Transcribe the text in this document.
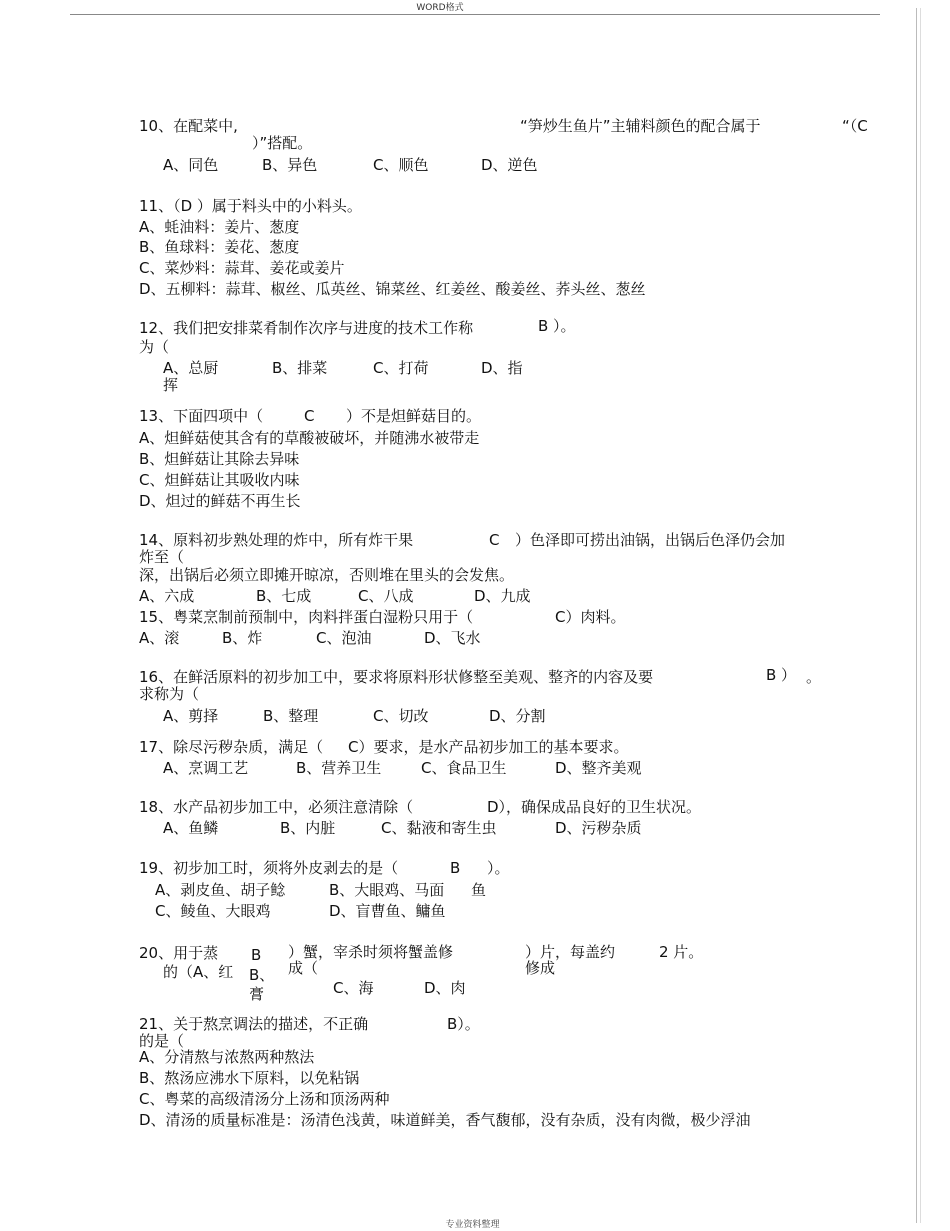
WORD格式
10、在配菜中,	“笋炒生鱼片”主辅料颜色的配合属于	“（C
）”搭配。
A、同色	B、异色	C、顺色	D、逆色
11、（D ）属于料头中的小料头。
A、蚝油料：姜片、葱度
B、鱼球料：姜花、葱度
C、菜炒料：蒜茸、姜花或姜片
D、五柳料：蒜茸、椒丝、瓜英丝、锦菜丝、红姜丝、酸姜丝、荞头丝、葱丝
12、我们把安排菜肴制作次序与进度的技术工作称	B ）。
为（
A、总厨	B、排菜	C、打荷	D、指
挥
13、下面四项中（	C ）不是炟鲜菇目的。
A、炟鲜菇使其含有的草酸被破坏，并随沸水被带走
B、炟鲜菇让其除去异味
C、炟鲜菇让其吸收内味
D、炟过的鲜菇不再生长
14、原料初步熟处理的炸中，所有炸干果	C ）色泽即可捞出油锅，出锅后色泽仍会加
炸至（
深，出锅后必须立即摊开晾凉，否则堆在里头的会发焦。
A、六成	B、七成	C、八成	D、九成
15、粤菜烹制前预制中，肉料拌蛋白湿粉只用于（	C）肉料。
A、滚	B、炸	C、泡油	D、飞水
16、在鲜活原料的初步加工中，要求将原料形状修整至美观、整齐的内容及要	B ） 。
求称为（
A、剪择	B、整理	C、切改	D、分割
17、除尽污秽杂质，满足（ C）要求，是水产品初步加工的基本要求。
A、烹调工艺	B、营养卫生	C、食品卫生	D、整齐美观
18、水产品初步加工中，必须注意清除（	D），确保成品良好的卫生状况。
A、鱼鳞	B、内脏	C、黏液和寄生虫	D、污秽杂质
19、初步加工时，须将外皮剥去的是（	B ）。
A、剥皮鱼、胡子鲶	B、大眼鸡、马面 鱼
C、鲮鱼、大眼鸡	D、盲曹鱼、鳙鱼
20、用于蒸 B ）蟹，宰杀时须将蟹盖修	）片，每盖约	2 片。
的（A、红 B、 成（	修成
膏	C、海	D、肉
21、关于熬烹调法的描述，不正确	B）。
的是（
A、分清熬与浓熬两种熬法
B、熬汤应沸水下原料，以免粘锅
C、粤菜的高级清汤分上汤和顶汤两种
D、清汤的质量标准是：汤清色浅黄，味道鲜美，香气馥郁，没有杂质，没有肉微，极少浮油
专业资料整理
